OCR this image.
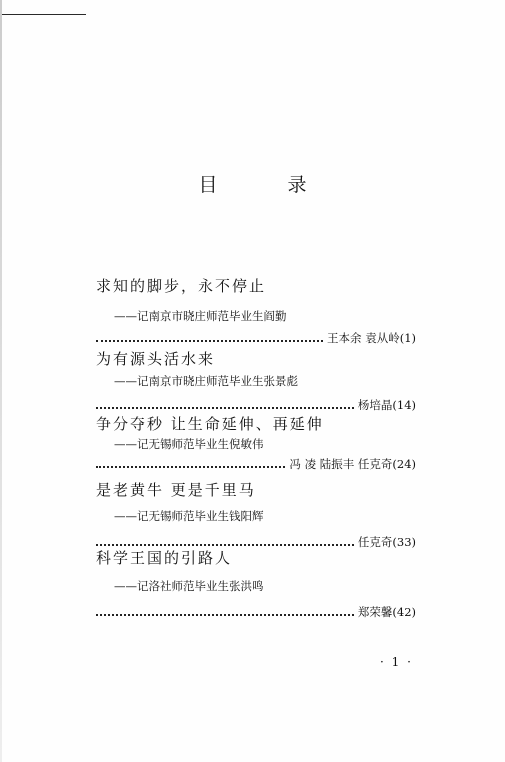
目 录
求知的脚步，永不停止
——记南京市晓庄师范毕业生阎勤
王本余 袁从岭 (1)
为有源头活水来
——记南京市晓庄师范毕业生张景彪
杨培晶 (14)
争分夺秒 让生命延伸、再延伸
——记无锡师范毕业生倪敏伟
冯 凌 陆振丰 任克奇 (24)
是老黄牛 更是千里马
——记无锡师范毕业生钱阳辉
任克奇 (33)
科学王国的引路人
——记洛社师范毕业生张洪鸣
郑荣馨 (42)
· 1 ·
